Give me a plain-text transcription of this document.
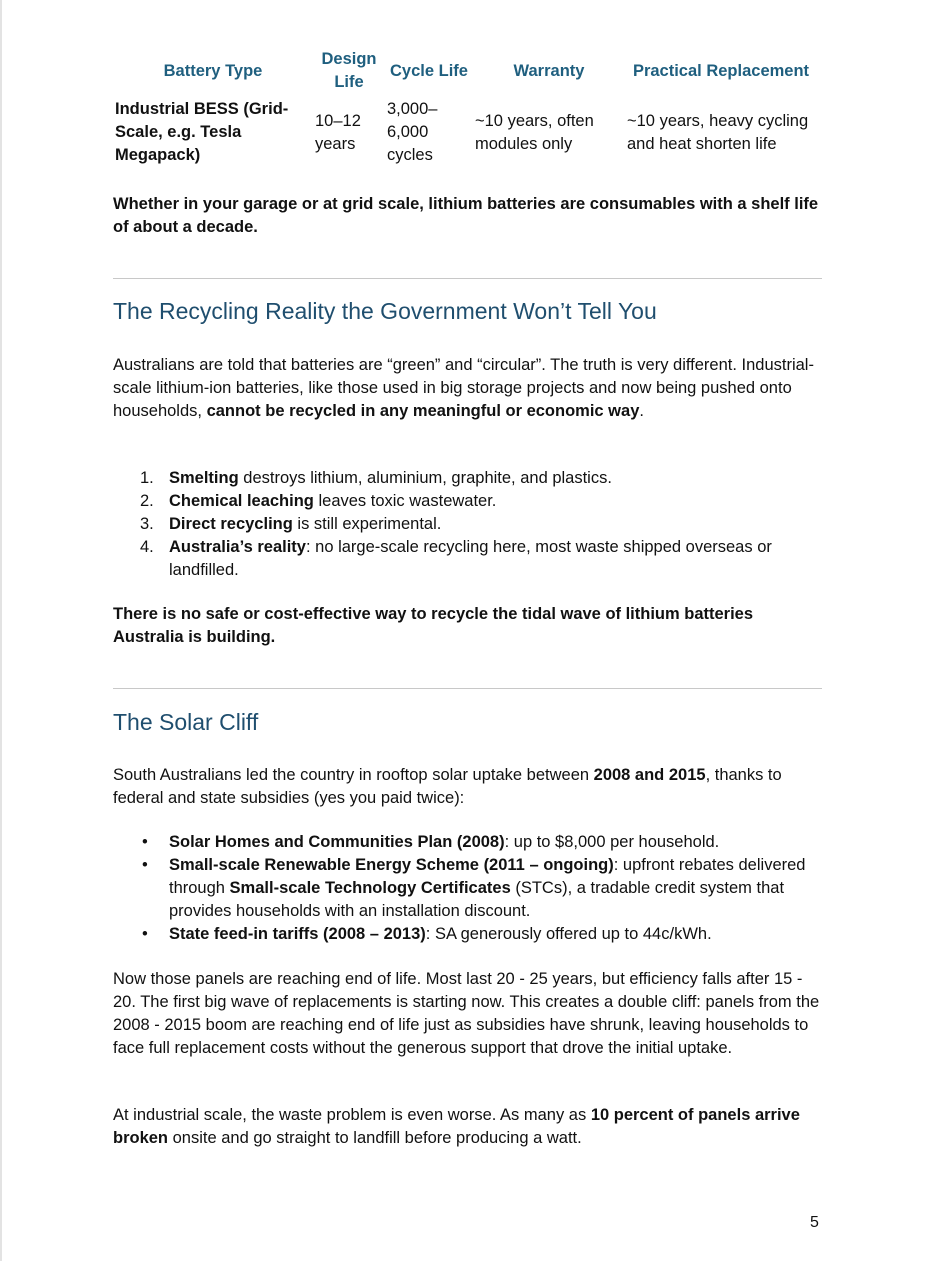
Battery Type	Design Life	Cycle Life	Warranty	Practical Replacement
Industrial BESS (Grid-Scale, e.g. Tesla Megapack)	10–12 years	3,000–6,000 cycles	~10 years, often modules only	~10 years, heavy cycling and heat shorten life

Whether in your garage or at grid scale, lithium batteries are consumables with a shelf life of about a decade.

The Recycling Reality the Government Won’t Tell You

Australians are told that batteries are “green” and “circular”. The truth is very different. Industrial-scale lithium-ion batteries, like those used in big storage projects and now being pushed onto households, cannot be recycled in any meaningful or economic way.

1. Smelting destroys lithium, aluminium, graphite, and plastics.
2. Chemical leaching leaves toxic wastewater.
3. Direct recycling is still experimental.
4. Australia’s reality: no large-scale recycling here, most waste shipped overseas or landfilled.

There is no safe or cost-effective way to recycle the tidal wave of lithium batteries Australia is building.

The Solar Cliff

South Australians led the country in rooftop solar uptake between 2008 and 2015, thanks to federal and state subsidies (yes you paid twice):

• Solar Homes and Communities Plan (2008): up to $8,000 per household.
• Small-scale Renewable Energy Scheme (2011 – ongoing): upfront rebates delivered through Small-scale Technology Certificates (STCs), a tradable credit system that provides households with an installation discount.
• State feed-in tariffs (2008 – 2013): SA generously offered up to 44c/kWh.

Now those panels are reaching end of life. Most last 20 - 25 years, but efficiency falls after 15 - 20. The first big wave of replacements is starting now. This creates a double cliff: panels from the 2008 - 2015 boom are reaching end of life just as subsidies have shrunk, leaving households to face full replacement costs without the generous support that drove the initial uptake.

At industrial scale, the waste problem is even worse. As many as 10 percent of panels arrive broken onsite and go straight to landfill before producing a watt.

5
